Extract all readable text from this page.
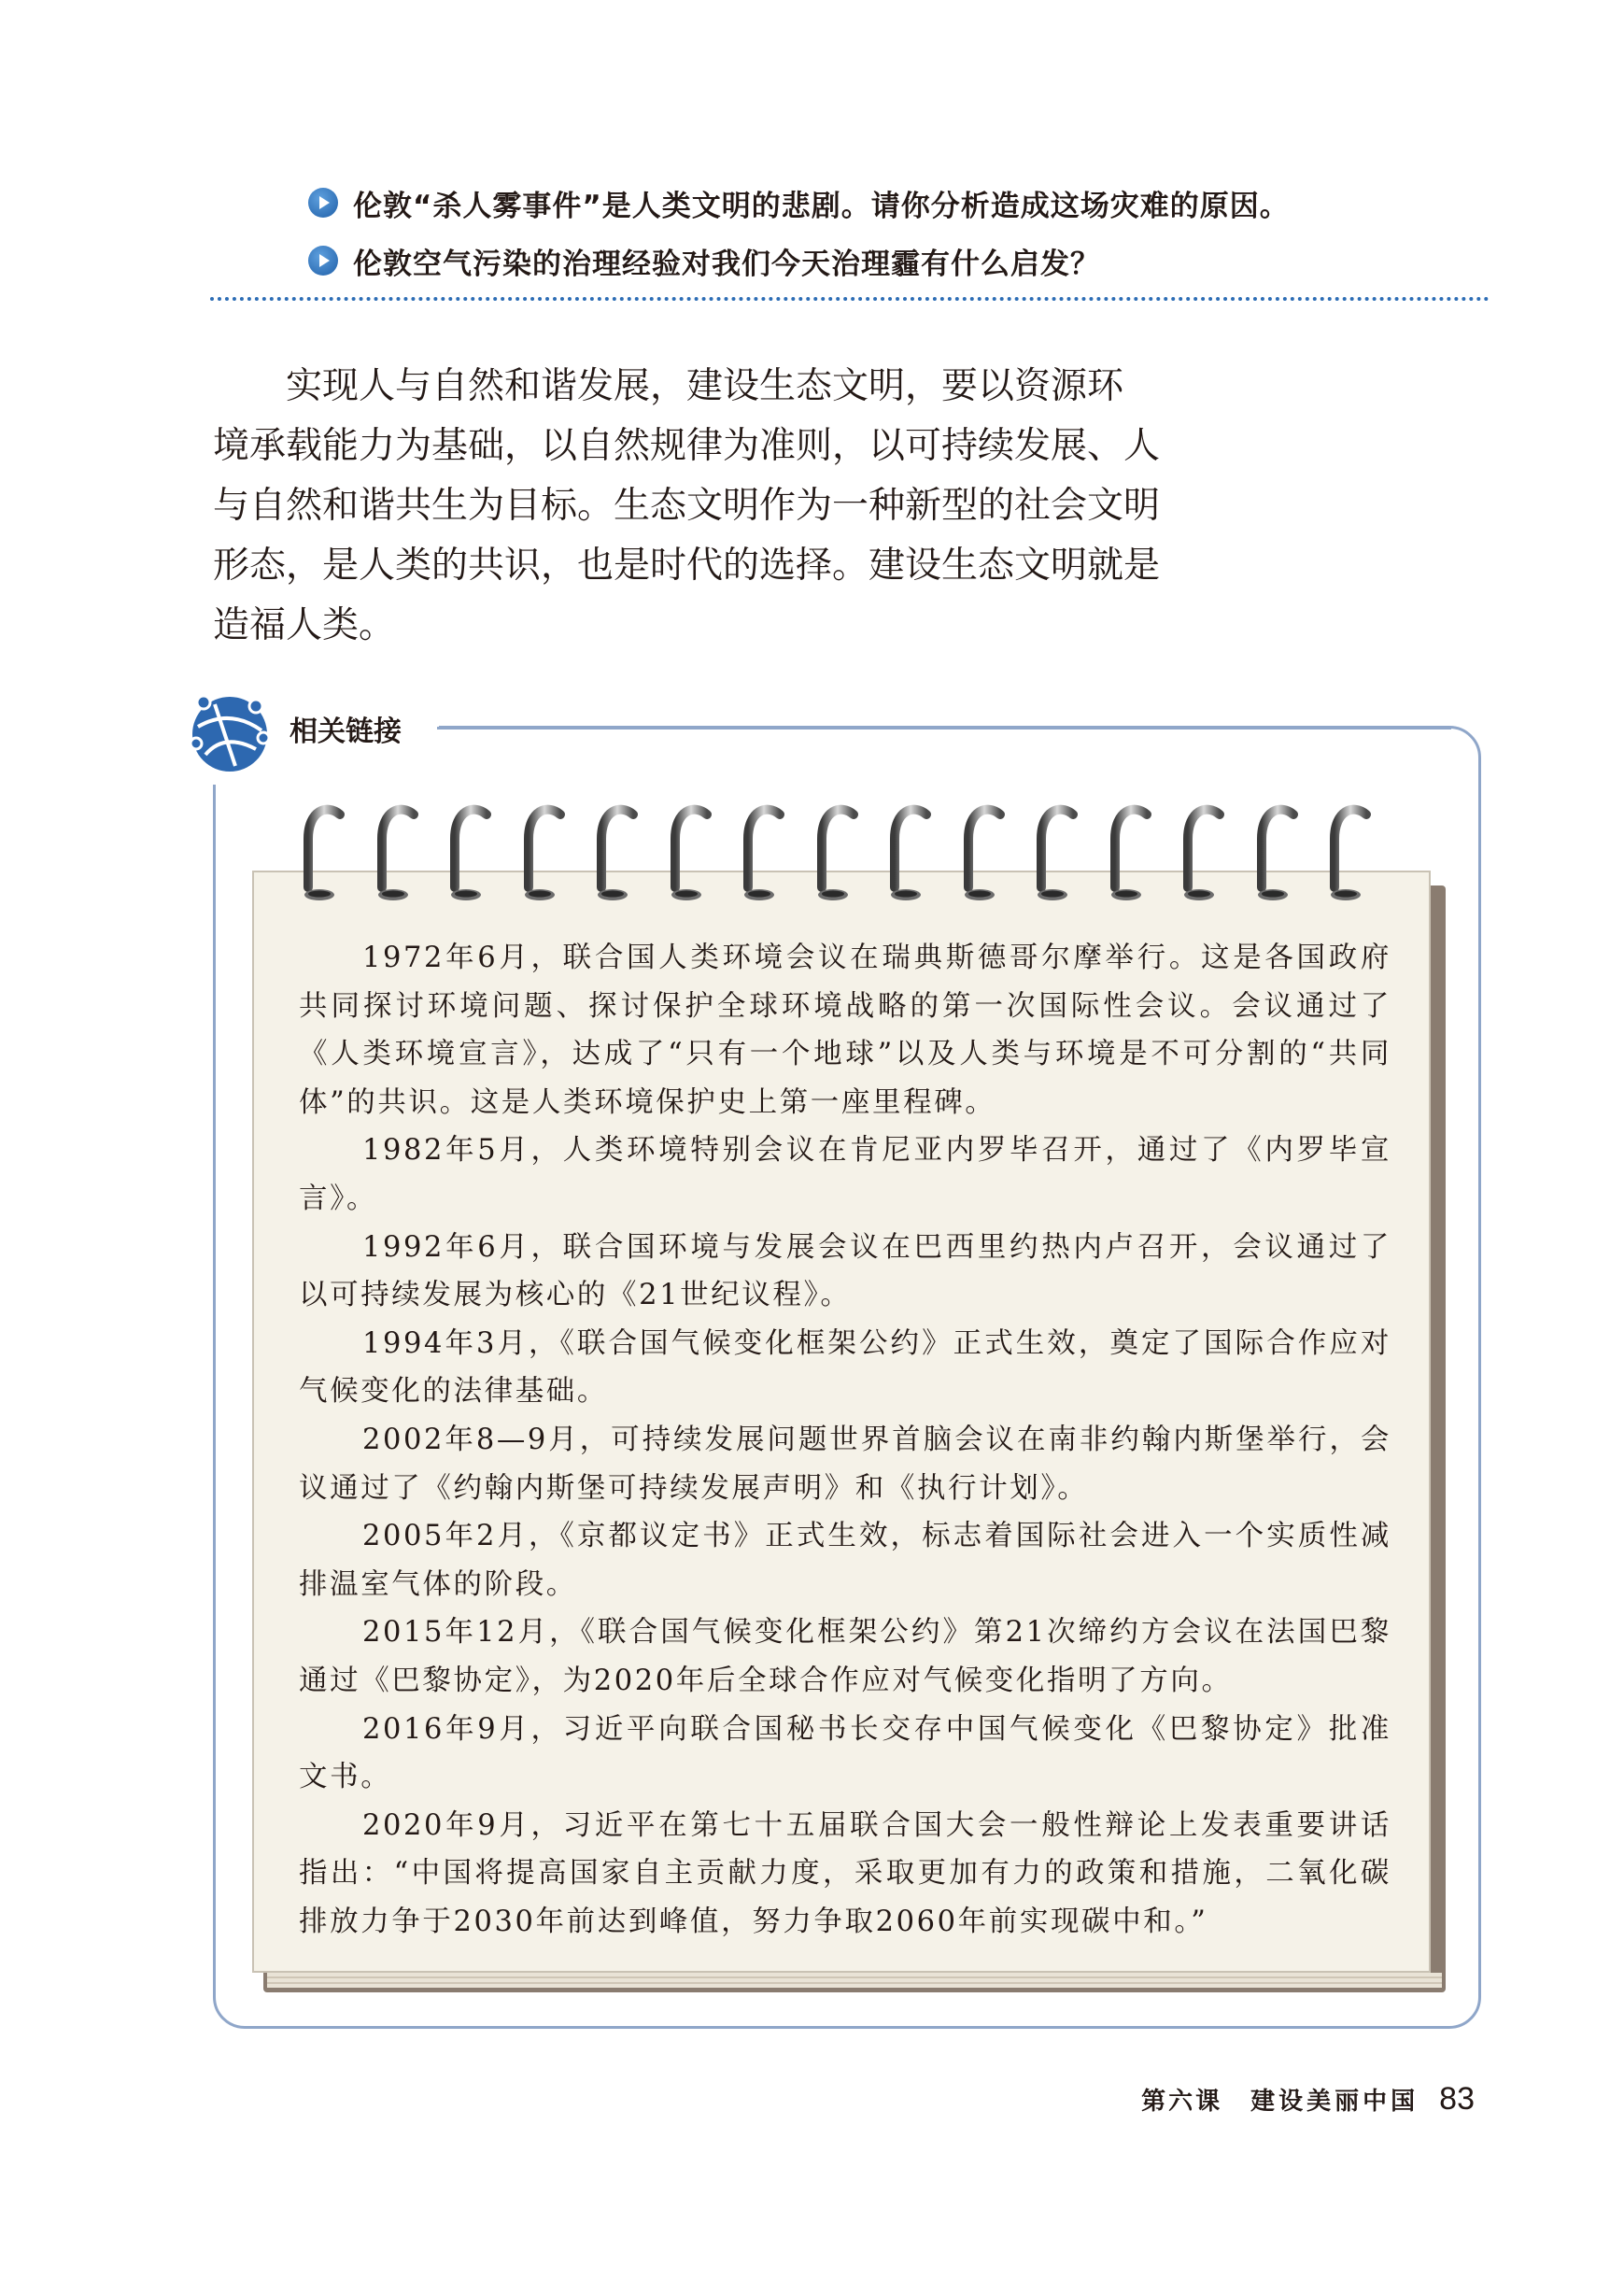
伦敦“杀人雾事件”是人类文明的悲剧。请你分析造成这场灾难的原因。
伦敦空气污染的治理经验对我们今天治理霾有什么启发？
实现人与自然和谐发展，建设生态文明，要以资源环
境承载能力为基础，以自然规律为准则，以可持续发展、人
与自然和谐共生为目标。生态文明作为一种新型的社会文明
形态，是人类的共识，也是时代的选择。建设生态文明就是
造福人类。
相关链接

1972年6月，联合国人类环境会议在瑞典斯德哥尔摩举行。这是各国政府共同探讨环境问题、探讨保护全球环境战略的第一次国际性会议。会议通过了《人类环境宣言》，达成了“只有一个地球”以及人类与环境是不可分割的“共同体”的共识。这是人类环境保护史上第一座里程碑。

1982年5月，人类环境特别会议在肯尼亚内罗毕召开，通过了《内罗毕宣言》。

1992年6月，联合国环境与发展会议在巴西里约热内卢召开，会议通过了以可持续发展为核心的《21世纪议程》。

1994年3月，《联合国气候变化框架公约》正式生效，奠定了国际合作应对气候变化的法律基础。

2002年8—9月，可持续发展问题世界首脑会议在南非约翰内斯堡举行，会议通过了《约翰内斯堡可持续发展声明》和《执行计划》。

2005年2月，《京都议定书》正式生效，标志着国际社会进入一个实质性减排温室气体的阶段。

2015年12月，《联合国气候变化框架公约》第21次缔约方会议在法国巴黎通过《巴黎协定》，为2020年后全球合作应对气候变化指明了方向。

2016年9月，习近平向联合国秘书长交存中国气候变化《巴黎协定》批准文书。

2020年9月，习近平在第七十五届联合国大会一般性辩论上发表重要讲话指出：“中国将提高国家自主贡献力度，采取更加有力的政策和措施，二氧化碳排放力争于2030年前达到峰值，努力争取2060年前实现碳中和。”

第六课 建设美丽中国 83
